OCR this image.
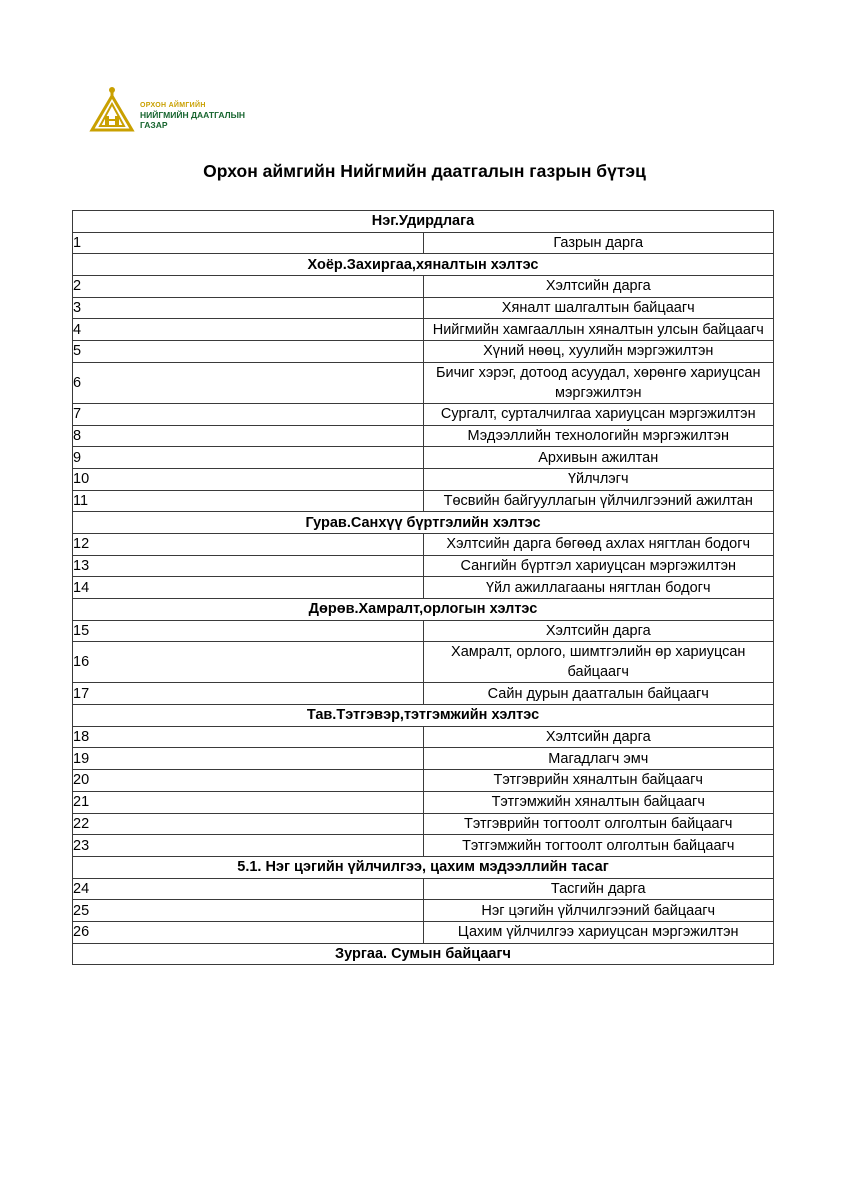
ОРХОН АЙМГИЙН
НИЙГМИЙН ДААТГАЛЫН
ГАЗАР
Орхон аймгийн Нийгмийн даатгалын газрын бүтэц
Нэг.Удирдлага	
1	Газрын дарга
Хоёр.Захиргаа,хяналтын хэлтэс	
2	Хэлтсийн дарга
3	Хяналт шалгалтын байцаагч
4	Нийгмийн хамгааллын хяналтын улсын байцаагч
5	Хүний нөөц, хуулийн мэргэжилтэн
6	Бичиг хэрэг, дотоод асуудал, хөрөнгө хариуцсан мэргэжилтэн
7	Сургалт, сурталчилгаа хариуцсан мэргэжилтэн
8	Мэдээллийн технологийн мэргэжилтэн
9	Архивын ажилтан
10	Үйлчлэгч
11	Төсвийн байгууллагын үйлчилгээний ажилтан
Гурав.Санхүү бүртгэлийн хэлтэс	
12	Хэлтсийн дарга бөгөөд ахлах нягтлан бодогч
13	Сангийн бүртгэл хариуцсан мэргэжилтэн
14	Үйл ажиллагааны нягтлан бодогч
Дөрөв.Хамралт,орлогын хэлтэс	
15	Хэлтсийн дарга
16	Хамралт, орлого, шимтгэлийн өр хариуцсан байцаагч
17	Сайн дурын даатгалын байцаагч
Тав.Тэтгэвэр,тэтгэмжийн хэлтэс	
18	Хэлтсийн дарга
19	Магадлагч эмч
20	Тэтгэврийн хяналтын байцаагч
21	Тэтгэмжийн хяналтын байцаагч
22	Тэтгэврийн тогтоолт олголтын байцаагч
23	Тэтгэмжийн тогтоолт олголтын байцаагч
5.1. Нэг цэгийн үйлчилгээ, цахим мэдээллийн тасаг	
24	Тасгийн дарга
25	Нэг цэгийн үйлчилгээний байцаагч
26	Цахим үйлчилгээ хариуцсан мэргэжилтэн
Зургаа. Сумын байцаагч	
